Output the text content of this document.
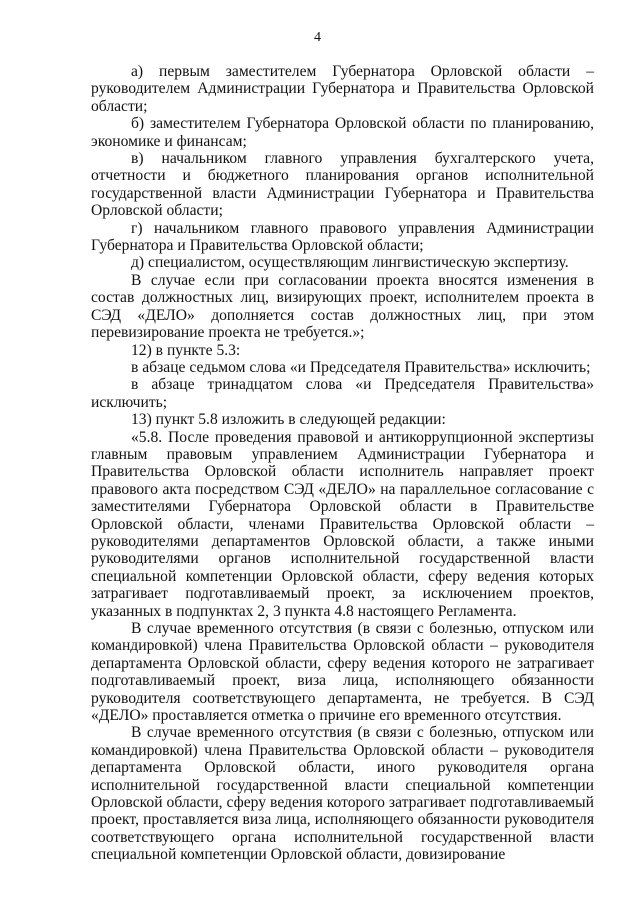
4

а) первым заместителем Губернатора Орловской области – руководителем Администрации Губернатора и Правительства Орловской области;

б) заместителем Губернатора Орловской области по планированию, экономике и финансам;

в) начальником главного управления бухгалтерского учета, отчетности и бюджетного планирования органов исполнительной государственной власти Администрации Губернатора и Правительства Орловской области;

г) начальником главного правового управления Администрации Губернатора и Правительства Орловской области;

д) специалистом, осуществляющим лингвистическую экспертизу.

В случае если при согласовании проекта вносятся изменения в состав должностных лиц, визирующих проект, исполнителем проекта в СЭД «ДЕЛО» дополняется состав должностных лиц, при этом перевизирование проекта не требуется.»;

12) в пункте 5.3:

в абзаце седьмом слова «и Председателя Правительства» исключить;

в абзаце тринадцатом слова «и Председателя Правительства» исключить;

13) пункт 5.8 изложить в следующей редакции:

«5.8. После проведения правовой и антикоррупционной экспертизы главным правовым управлением Администрации Губернатора и Правительства Орловской области исполнитель направляет проект правового акта посредством СЭД «ДЕЛО» на параллельное согласование с заместителями Губернатора Орловской области в Правительстве Орловской области, членами Правительства Орловской области – руководителями департаментов Орловской области, а также иными руководителями органов исполнительной государственной власти специальной компетенции Орловской области, сферу ведения которых затрагивает подготавливаемый проект, за исключением проектов, указанных в подпунктах 2, 3 пункта 4.8 настоящего Регламента.

В случае временного отсутствия (в связи с болезнью, отпуском или командировкой) члена Правительства Орловской области – руководителя департамента Орловской области, сферу ведения которого не затрагивает подготавливаемый проект, виза лица, исполняющего обязанности руководителя соответствующего департамента, не требуется. В СЭД «ДЕЛО» проставляется отметка о причине его временного отсутствия.

В случае временного отсутствия (в связи с болезнью, отпуском или командировкой) члена Правительства Орловской области – руководителя департамента Орловской области, иного руководителя органа исполнительной государственной власти специальной компетенции Орловской области, сферу ведения которого затрагивает подготавливаемый проект, проставляется виза лица, исполняющего обязанности руководителя соответствующего органа исполнительной государственной власти специальной компетенции Орловской области, довизирование
